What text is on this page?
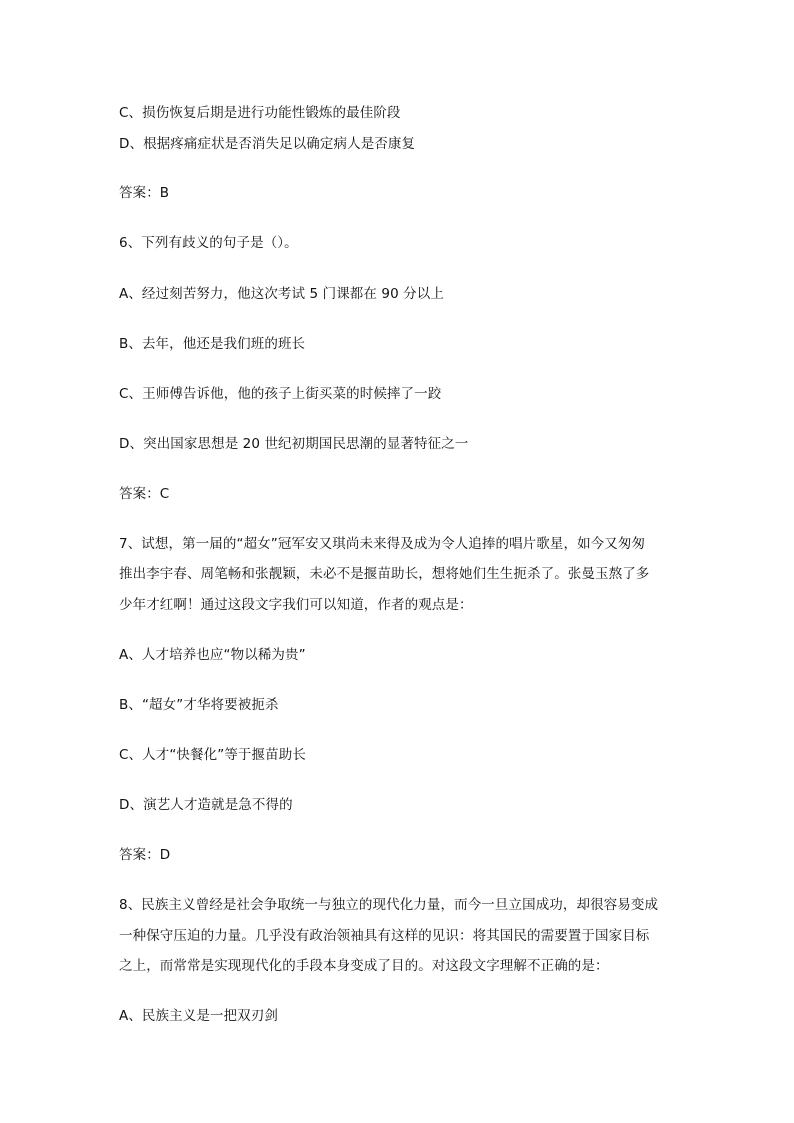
C、损伤恢复后期是进行功能性锻炼的最佳阶段
D、根据疼痛症状是否消失足以确定病人是否康复
答案：B
6、下列有歧义的句子是（）。
A、经过刻苦努力，他这次考试 5 门课都在 90 分以上
B、去年，他还是我们班的班长
C、王师傅告诉他，他的孩子上街买菜的时候摔了一跤
D、突出国家思想是 20 世纪初期国民思潮的显著特征之一
答案：C
7、试想，第一届的“超女”冠军安又琪尚未来得及成为令人追捧的唱片歌星，如今又匆匆
推出李宇春、周笔畅和张靓颖，未必不是揠苗助长，想将她们生生扼杀了。张曼玉熬了多
少年才红啊！通过这段文字我们可以知道，作者的观点是：
A、人才培养也应“物以稀为贵”
B、“超女”才华将要被扼杀
C、人才“快餐化”等于揠苗助长
D、演艺人才造就是急不得的
答案：D
8、民族主义曾经是社会争取统一与独立的现代化力量，而今一旦立国成功，却很容易变成
一种保守压迫的力量。几乎没有政治领袖具有这样的见识：将其国民的需要置于国家目标
之上，而常常是实现现代化的手段本身变成了目的。对这段文字理解不正确的是：
A、民族主义是一把双刃剑
